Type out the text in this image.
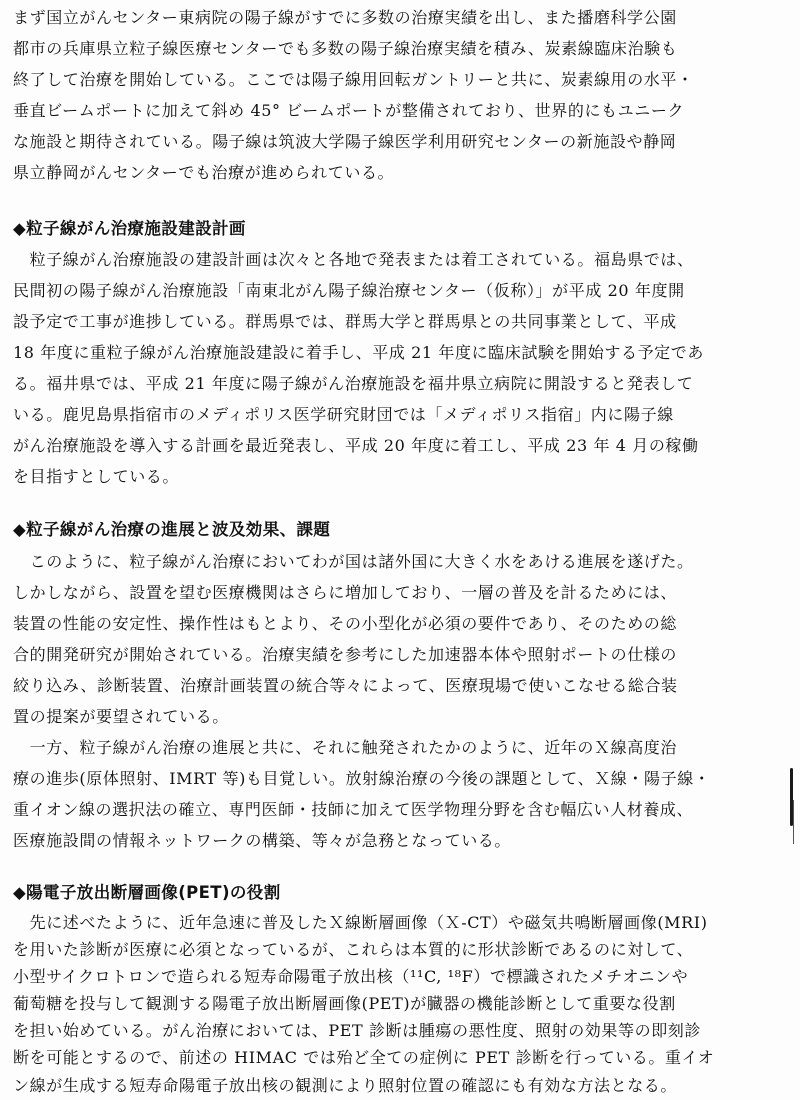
まず国立がんセンター東病院の陽子線がすでに多数の治療実績を出し、また播磨科学公園
都市の兵庫県立粒子線医療センターでも多数の陽子線治療実績を積み、炭素線臨床治験も
終了して治療を開始している。ここでは陽子線用回転ガントリーと共に、炭素線用の水平・
垂直ビームポートに加えて斜め 45° ビームポートが整備されており、世界的にもユニーク
な施設と期待されている。陽子線は筑波大学陽子線医学利用研究センターの新施設や静岡
県立静岡がんセンターでも治療が進められている。
◆粒子線がん治療施設建設計画
　粒子線がん治療施設の建設計画は次々と各地で発表または着工されている。福島県では、
民間初の陽子線がん治療施設「南東北がん陽子線治療センター（仮称）」が平成 20 年度開
設予定で工事が進捗している。群馬県では、群馬大学と群馬県との共同事業として、平成
18 年度に重粒子線がん治療施設建設に着手し、平成 21 年度に臨床試験を開始する予定であ
る。福井県では、平成 21 年度に陽子線がん治療施設を福井県立病院に開設すると発表して
いる。鹿児島県指宿市のメディポリス医学研究財団では「メディポリス指宿」内に陽子線
がん治療施設を導入する計画を最近発表し、平成 20 年度に着工し、平成 23 年 4 月の稼働
を目指すとしている。
◆粒子線がん治療の進展と波及効果、課題
　このように、粒子線がん治療においてわが国は諸外国に大きく水をあける進展を遂げた。
しかしながら、設置を望む医療機関はさらに増加しており、一層の普及を計るためには、
装置の性能の安定性、操作性はもとより、その小型化が必須の要件であり、そのための総
合的開発研究が開始されている。治療実績を参考にした加速器本体や照射ポートの仕様の
絞り込み、診断装置、治療計画装置の統合等々によって、医療現場で使いこなせる総合装
置の提案が要望されている。
　一方、粒子線がん治療の進展と共に、それに触発されたかのように、近年のＸ線高度治
療の進歩(原体照射、IMRT 等)も目覚しい。放射線治療の今後の課題として、Ｘ線・陽子線・
重イオン線の選択法の確立、専門医師・技師に加えて医学物理分野を含む幅広い人材養成、
医療施設間の情報ネットワークの構築、等々が急務となっている。
◆陽電子放出断層画像(PET)の役割
　先に述べたように、近年急速に普及したＸ線断層画像（Ｘ-CT）や磁気共鳴断層画像(MRI)
を用いた診断が医療に必須となっているが、これらは本質的に形状診断であるのに対して、
小型サイクロトロンで造られる短寿命陽電子放出核（¹¹C, ¹⁸F）で標識されたメチオニンや
葡萄糖を投与して観測する陽電子放出断層画像(PET)が臓器の機能診断として重要な役割
を担い始めている。がん治療においては、PET 診断は腫瘍の悪性度、照射の効果等の即刻診
断を可能とするので、前述の HIMAC では殆ど全ての症例に PET 診断を行っている。重イオ
ン線が生成する短寿命陽電子放出核の観測により照射位置の確認にも有効な方法となる。
